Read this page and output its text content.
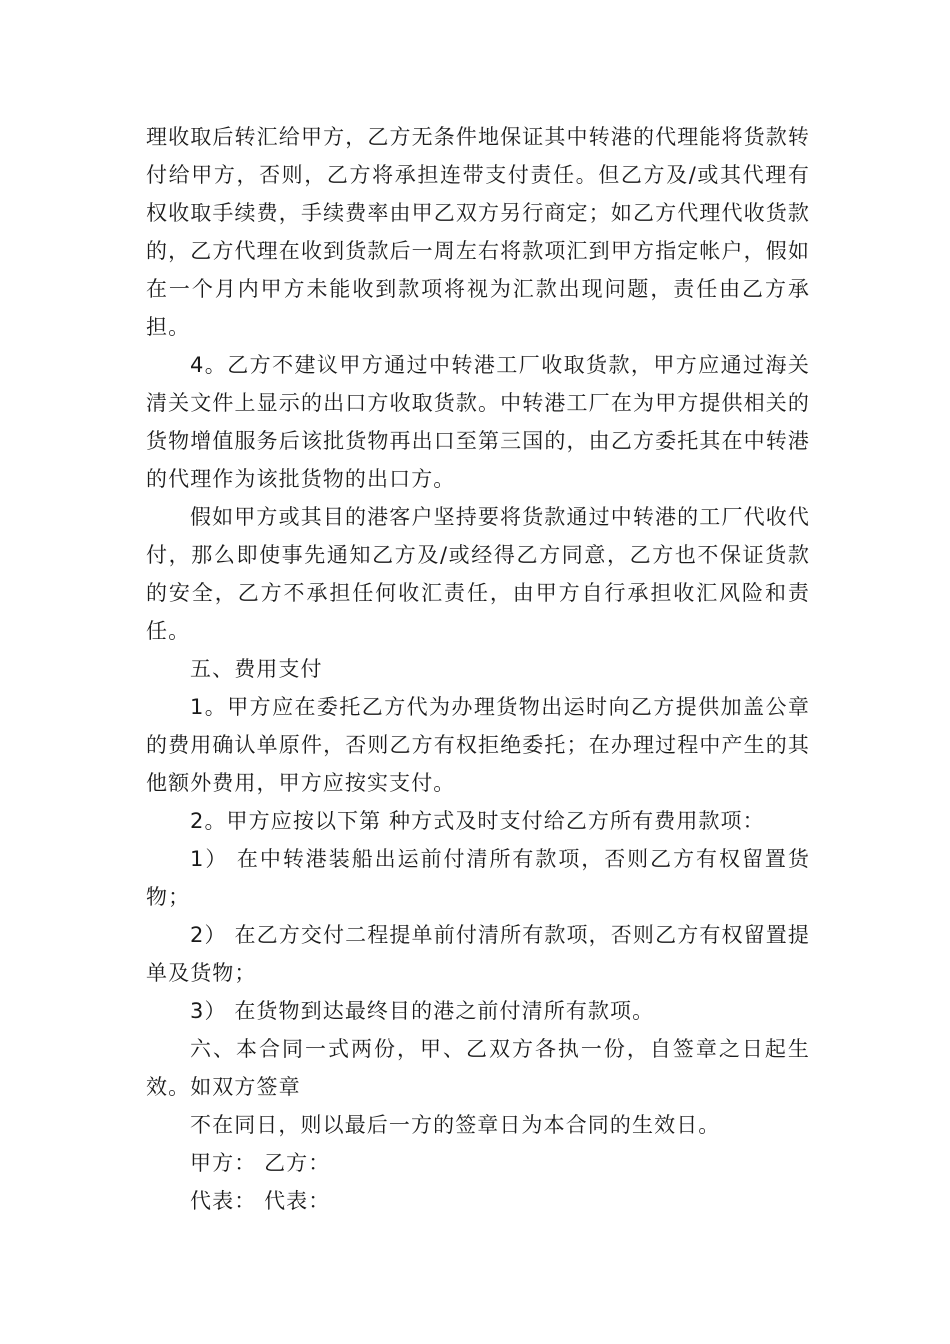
理收取后转汇给甲方，乙方无条件地保证其中转港的代理能将货款转付给甲方，否则，乙方将承担连带支付责任。但乙方及/或其代理有权收取手续费，手续费率由甲乙双方另行商定；如乙方代理代收货款的，乙方代理在收到货款后一周左右将款项汇到甲方指定帐户，假如在一个月内甲方未能收到款项将视为汇款出现问题，责任由乙方承担。

4。乙方不建议甲方通过中转港工厂收取货款，甲方应通过海关清关文件上显示的出口方收取货款。中转港工厂在为甲方提供相关的货物增值服务后该批货物再出口至第三国的，由乙方委托其在中转港的代理作为该批货物的出口方。

假如甲方或其目的港客户坚持要将货款通过中转港的工厂代收代付，那么即使事先通知乙方及/或经得乙方同意，乙方也不保证货款的安全，乙方不承担任何收汇责任，由甲方自行承担收汇风险和责任。

五、费用支付

1。甲方应在委托乙方代为办理货物出运时向乙方提供加盖公章的费用确认单原件，否则乙方有权拒绝委托；在办理过程中产生的其他额外费用，甲方应按实支付。

2。甲方应按以下第 种方式及时支付给乙方所有费用款项：

1） 在中转港装船出运前付清所有款项，否则乙方有权留置货物；

2） 在乙方交付二程提单前付清所有款项，否则乙方有权留置提单及货物；

3） 在货物到达最终目的港之前付清所有款项。

六、本合同一式两份，甲、乙双方各执一份，自签章之日起生效。如双方签章

不在同日，则以最后一方的签章日为本合同的生效日。

甲方： 乙方：

代表： 代表：
